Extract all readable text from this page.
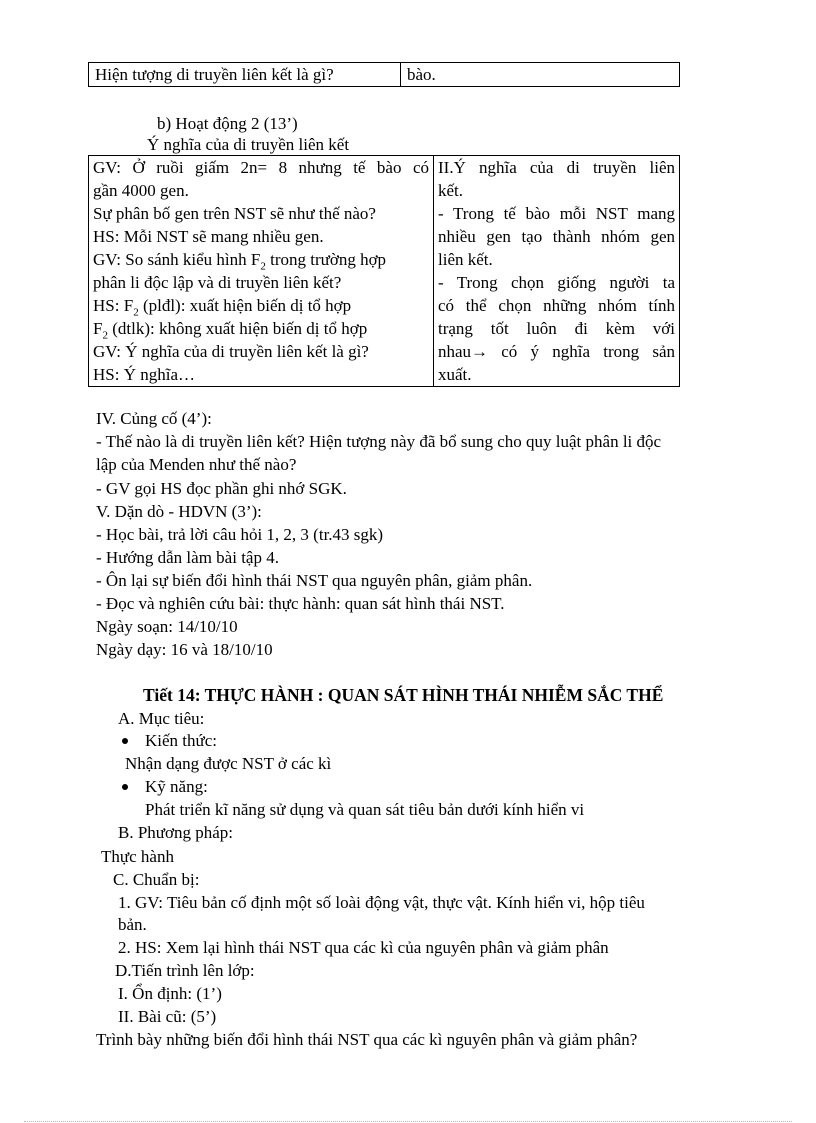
Hiện tượng di truyền liên kết là gì?	bào.
b) Hoạt động 2 (13’)
Ý nghĩa của di truyền liên kết
GV: Ở ruồi giấm 2n= 8 nhưng tế bào có
gần 4000 gen.
Sự phân bố gen trên NST sẽ như thế nào?
HS: Mỗi NST sẽ mang nhiều gen.
GV: So sánh kiểu hình $F_2$ trong trường hợp
phân li độc lập và di truyền liên kết?
HS: $F_2$ (plđl): xuất hiện biến dị tổ hợp
$F_2$ (dtlk): không xuất hiện biến dị tổ hợp
GV: Ý nghĩa của di truyền liên kết là gì?
HS: Ý nghĩa…

II.Ý nghĩa của di truyền liên
kết.
- Trong tế bào mỗi NST mang
nhiều gen tạo thành nhóm gen
liên kết.
- Trong chọn giống người ta
có thể chọn những nhóm tính
trạng tốt luôn đi kèm với
nhau→ có ý nghĩa trong sản
xuất.
IV. Củng cố (4’):
- Thế nào là di truyền liên kết? Hiện tượng này đã bổ sung cho quy luật phân li độc
lập của Menden như thế nào?
- GV gọi HS đọc phần ghi nhớ SGK.
V. Dặn dò - HDVN (3’):
- Học bài, trả lời câu hỏi 1, 2, 3 (tr.43 sgk)
- Hướng dẫn làm bài tập 4.
- Ôn lại sự biến đổi hình thái NST qua nguyên phân, giảm phân.
- Đọc và nghiên cứu bài: thực hành: quan sát hình thái NST.
Ngày soạn: 14/10/10
Ngày dạy: 16 và 18/10/10
Tiết 14: THỰC HÀNH : QUAN SÁT HÌNH THÁI NHIỄM SẮC THỂ
A. Mục tiêu:
Kiến thức:
Nhận dạng được NST ở các kì
Kỹ năng:
Phát triển kĩ năng sử dụng và quan sát tiêu bản dưới kính hiển vi
B. Phương pháp:
Thực hành
C. Chuẩn bị:
1. GV: Tiêu bản cố định một số loài động vật, thực vật. Kính hiển vi, hộp tiêu
bản.
2. HS: Xem lại hình thái NST qua các kì của nguyên phân và giảm phân
D.Tiến trình lên lớp:
I. Ổn định: (1’)
II. Bài cũ: (5’)
Trình bày những biến đổi hình thái NST qua các kì nguyên phân và giảm phân?
